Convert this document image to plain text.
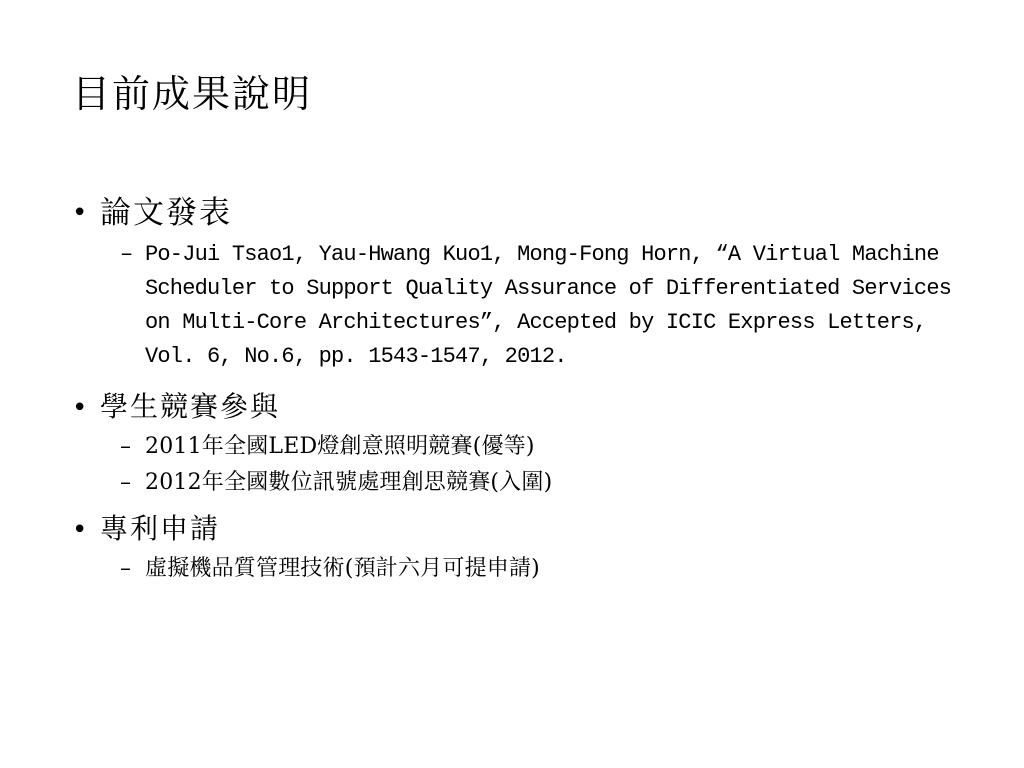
目前成果說明
• 論文發表
– Po-Jui Tsao1, Yau-Hwang Kuo1, Mong-Fong Horn, “A Virtual Machine Scheduler to Support Quality Assurance of Differentiated Services on Multi-Core Architectures”, Accepted by ICIC Express Letters, Vol. 6, No.6, pp. 1543-1547, 2012.
• 學生競賽參與
– 2011年全國LED燈創意照明競賽(優等)
– 2012年全國數位訊號處理創思競賽(入圍)
• 專利申請
– 虛擬機品質管理技術(預計六月可提申請)
